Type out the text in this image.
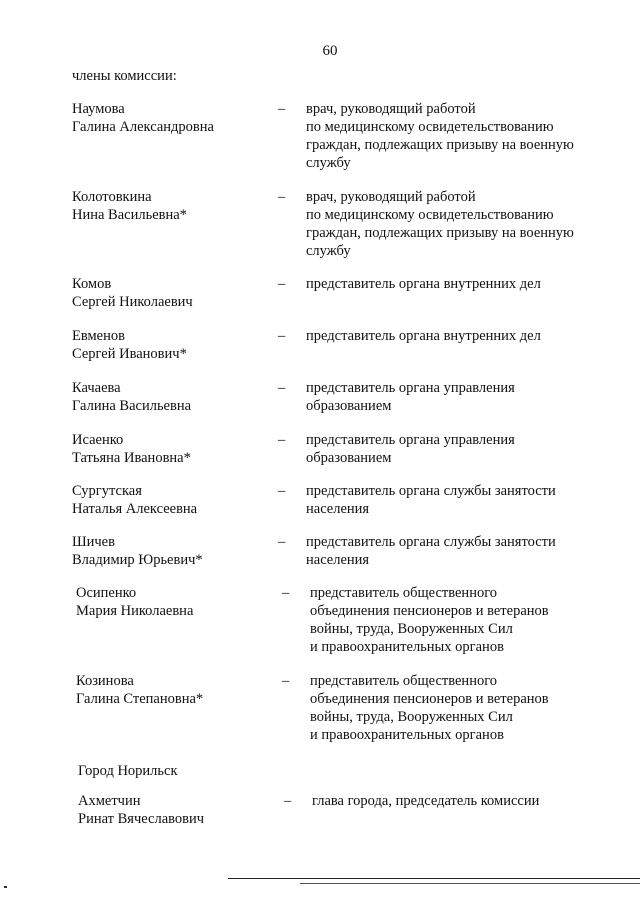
60
члены комиссии:
Наумова
Галина Александровна
– врач, руководящий работой
по медицинскому освидетельствованию
граждан, подлежащих призыву на военную
службу
Колотовкина
Нина Васильевна*
– врач, руководящий работой
по медицинскому освидетельствованию
граждан, подлежащих призыву на военную
службу
Комов
Сергей Николаевич
– представитель органа внутренних дел
Евменов
Сергей Иванович*
– представитель органа внутренних дел
Качаева
Галина Васильевна
– представитель органа управления
образованием
Исаенко
Татьяна Ивановна*
– представитель органа управления
образованием
Сургутская
Наталья Алексеевна
– представитель органа службы занятости
населения
Шичев
Владимир Юрьевич*
– представитель органа службы занятости
населения
Осипенко
Мария Николаевна
– представитель общественного
объединения пенсионеров и ветеранов
войны, труда, Вооруженных Сил
и правоохранительных органов
Козинова
Галина Степановна*
– представитель общественного
объединения пенсионеров и ветеранов
войны, труда, Вооруженных Сил
и правоохранительных органов
Город Норильск
Ахметчин
Ринат Вячеславович
– глава города, председатель комиссии
